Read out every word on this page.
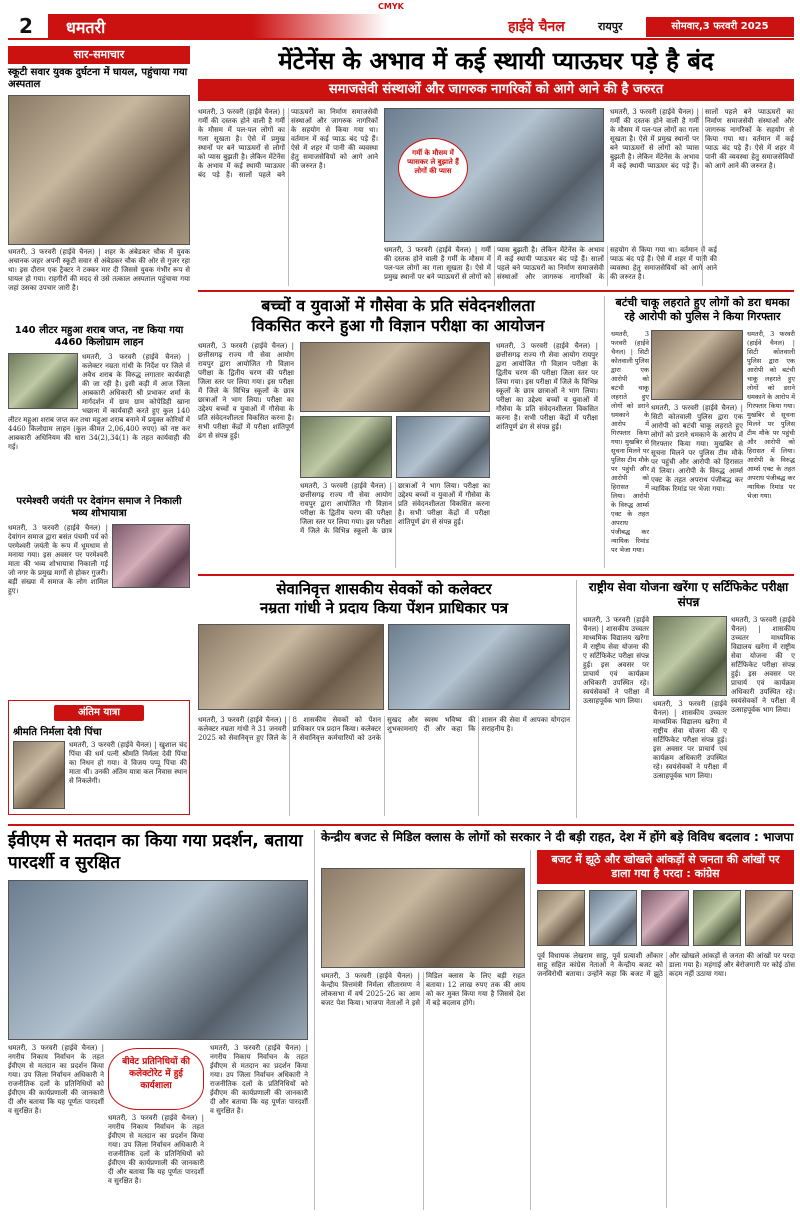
CMYK
2	धमतरी	हाईवे चैनल	रायपुर	सोमवार,3 फरवरी 2025
सार-समाचार
स्कूटी सवार युवक दुर्घटना में घायल, पहुंचाया गया अस्पताल
धमतरी, 3 फरवरी (हाईवे चैनल) | शहर के अंबेडकर चौक में युवक अचानक जहर अपनी स्कूटी सवार से अंबेडकर चौक की ओर से गुजर रहा था। इस दौरान एक ट्रैक्टर ने टक्कर मार दी जिससे युवक गंभीर रूप से घायल हो गया। राहगीरों की मदद से उसे तत्काल अस्पताल पहुंचाया गया जहां उसका उपचार जारी है।
140 लीटर महुआ शराब जप्त, नष्ट किया गया 4460 किलोग्राम लाहन
धमतरी, 3 फरवरी (हाईवे चैनल) | कलेक्टर नम्रता गांधी के निर्देश पर जिले में अवैध शराब के विरुद्ध लगातार कार्यवाही की जा रही है। इसी कड़ी में आज जिला आबकारी अधिकारी श्री प्रभाकर शर्मा के मार्गदर्शन में ग्राम ग्राम कोपेडिही खाना भछाना में कार्यवाही करते हुए कुल 140 लीटर महुआ शराब जप्त कर तथा महुआ शराब बनाने में प्रयुक्त कोरियों में 4460 किलोग्राम लाहन (कुल कीमत 2,06,400 रुपए) को नष्ट कर आबकारी अधिनियम की धारा 34(2),34(1) के तहत कार्यवाही की गई।
परमेश्वरी जयंती पर देवांगन समाज ने निकाली भव्य शोभायात्रा
धमतरी, 3 फरवरी (हाईवे चैनल) | देवांगन समाज द्वारा बसंत पंचमी पर्व को परमेश्वरी जयंती के रूप में धूमधाम से मनाया गया। इस अवसर पर परमेश्वरी माता की भव्य शोभायात्रा निकाली गई जो नगर के प्रमुख मार्गों से होकर गुजरी। बड़ी संख्या में समाज के लोग शामिल हुए।
अंतिम यात्रा
श्रीमति निर्मला देवी पिंचा
धमतरी, 3 फरवरी (हाईवे चैनल) | खुशाल चंद पिंचा की धर्म पत्नी श्रीमति निर्मला देवी पिंचा का निधन हो गया। वे विजय पप्पू पिंचा की माता थीं। उनकी अंतिम यात्रा कल निवास स्थान से निकलेगी।
मेंटेनेंस के अभाव में कई स्थायी प्याऊघर पड़े है बंद
समाजसेवी संस्थाओं और जागरुक नागरिकों को आगे आने की है जरुरत
धमतरी, 3 फरवरी (हाईवे चैनल) | गर्मी की दस्तक होने वाली है गर्मी के मौसम में पल-पल लोगों का गला सूखता है। ऐसे में प्रमुख स्थानों पर बने प्याऊघरों से लोगों को प्यास बुझती है। लेकिन मेंटेनेंस के अभाव में कई स्थायी प्याऊघर बंद पड़े हैं। सालों पहले बने प्याऊघरों का निर्माण समाजसेवी संस्थाओं और जागरुक नागरिकों के सहयोग से किया गया था। वर्तमान में कई प्याऊ बंद पड़े हैं। ऐसे में शहर में पानी की व्यवस्था हेतु समाजसेवियों को आगे आने की जरुरत है।
गर्मी के मौसम में प्यासकर ले बुझाते हैं लोगों की प्यास
धमतरी, 3 फरवरी (हाईवे चैनल) | गर्मी की दस्तक होने वाली है गर्मी के मौसम में पल-पल लोगों का गला सूखता है। ऐसे में प्रमुख स्थानों पर बने प्याऊघरों से लोगों को प्यास बुझती है। लेकिन मेंटेनेंस के अभाव में कई स्थायी प्याऊघर बंद पड़े हैं। सालों पहले बने प्याऊघरों का निर्माण समाजसेवी संस्थाओं और जागरुक नागरिकों के सहयोग से किया गया था। वर्तमान में कई प्याऊ बंद पड़े हैं। ऐसे में शहर में पानी की व्यवस्था हेतु समाजसेवियों को आगे आने की जरुरत है।
धमतरी, 3 फरवरी (हाईवे चैनल) | गर्मी की दस्तक होने वाली है गर्मी के मौसम में पल-पल लोगों का गला सूखता है। ऐसे में प्रमुख स्थानों पर बने प्याऊघरों से लोगों को प्यास बुझती है। लेकिन मेंटेनेंस के अभाव में कई स्थायी प्याऊघर बंद पड़े हैं। सालों पहले बने प्याऊघरों का निर्माण समाजसेवी संस्थाओं और जागरुक नागरिकों के सहयोग से किया गया था। वर्तमान में कई प्याऊ बंद पड़े हैं। ऐसे में शहर में पानी की व्यवस्था हेतु समाजसेवियों को आगे आने की जरुरत है।
बच्चों व युवाओं में गौसेवा के प्रति संवेदनशीलता
विकसित करने हुआ गौ विज्ञान परीक्षा का आयोजन
धमतरी, 3 फरवरी (हाईवे चैनल) | छत्तीसगढ़ राज्य गौ सेवा आयोग रायपुर द्वारा आयोजित गौ विज्ञान परीक्षा के द्वितीय चरण की परीक्षा जिला स्तर पर लिया गया। इस परीक्षा में जिले के विभिन्न स्कूलों के छात्र छात्राओं ने भाग लिया। परीक्षा का उद्देश्य बच्चों व युवाओं में गौसेवा के प्रति संवेदनशीलता विकसित करना है। सभी परीक्षा केंद्रों में परीक्षा शांतिपूर्ण ढंग से संपन्न हुई।
धमतरी, 3 फरवरी (हाईवे चैनल) | छत्तीसगढ़ राज्य गौ सेवा आयोग रायपुर द्वारा आयोजित गौ विज्ञान परीक्षा के द्वितीय चरण की परीक्षा जिला स्तर पर लिया गया। इस परीक्षा में जिले के विभिन्न स्कूलों के छात्र छात्राओं ने भाग लिया। परीक्षा का उद्देश्य बच्चों व युवाओं में गौसेवा के प्रति संवेदनशीलता विकसित करना है। सभी परीक्षा केंद्रों में परीक्षा शांतिपूर्ण ढंग से संपन्न हुई।
धमतरी, 3 फरवरी (हाईवे चैनल) | छत्तीसगढ़ राज्य गौ सेवा आयोग रायपुर द्वारा आयोजित गौ विज्ञान परीक्षा के द्वितीय चरण की परीक्षा जिला स्तर पर लिया गया। इस परीक्षा में जिले के विभिन्न स्कूलों के छात्र छात्राओं ने भाग लिया। परीक्षा का उद्देश्य बच्चों व युवाओं में गौसेवा के प्रति संवेदनशीलता विकसित करना है। सभी परीक्षा केंद्रों में परीक्षा शांतिपूर्ण ढंग से संपन्न हुई।
बटंची चाकू लहराते हुए लोगों को डरा धमका
रहे आरोपी को पुलिस ने किया गिरफ्तार
धमतरी, 3 फरवरी (हाईवे चैनल) | सिटी कोतवाली पुलिस द्वारा एक आरोपी को बटंची चाकू लहराते हुए लोगों को डराने धमकाने के आरोप में गिरफ्तार किया गया। मुखबिर से सूचना मिलने पर पुलिस टीम मौके पर पहुंची और आरोपी को हिरासत में लिया। आरोपी के विरुद्ध आर्म्स एक्ट के तहत अपराध पंजीबद्ध कर न्यायिक रिमांड पर भेजा गया।
धमतरी, 3 फरवरी (हाईवे चैनल) | सिटी कोतवाली पुलिस द्वारा एक आरोपी को बटंची चाकू लहराते हुए लोगों को डराने धमकाने के आरोप में गिरफ्तार किया गया। मुखबिर से सूचना मिलने पर पुलिस टीम मौके पर पहुंची और आरोपी को हिरासत में लिया। आरोपी के विरुद्ध आर्म्स एक्ट के तहत अपराध पंजीबद्ध कर न्यायिक रिमांड पर भेजा गया।
धमतरी, 3 फरवरी (हाईवे चैनल) | सिटी कोतवाली पुलिस द्वारा एक आरोपी को बटंची चाकू लहराते हुए लोगों को डराने धमकाने के आरोप में गिरफ्तार किया गया। मुखबिर से सूचना मिलने पर पुलिस टीम मौके पर पहुंची और आरोपी को हिरासत में लिया। आरोपी के विरुद्ध आर्म्स एक्ट के तहत अपराध पंजीबद्ध कर न्यायिक रिमांड पर भेजा गया।
सेवानिवृत्त शासकीय सेवकों को कलेक्टर
नम्रता गांधी ने प्रदाय किया पेंशन प्राधिकार पत्र
धमतरी, 3 फरवरी (हाईवे चैनल) | कलेक्टर नम्रता गांधी ने 31 जनवरी 2025 को सेवानिवृत्त हुए जिले के 8 शासकीय सेवकों को पेंशन प्राधिकार पत्र प्रदान किया। कलेक्टर ने सेवानिवृत्त कर्मचारियों को उनके सुखद और स्वस्थ भविष्य की शुभकामनाएं दीं और कहा कि शासन की सेवा में आपका योगदान सराहनीय है।
राष्ट्रीय सेवा योजना खरेंगा ए सर्टिफिकेट परीक्षा संपन्न
धमतरी, 3 फरवरी (हाईवे चैनल) | शासकीय उच्चतर माध्यमिक विद्यालय खरेंगा में राष्ट्रीय सेवा योजना की ए सर्टिफिकेट परीक्षा संपन्न हुई। इस अवसर पर प्राचार्य एवं कार्यक्रम अधिकारी उपस्थित रहे। स्वयंसेवकों ने परीक्षा में उत्साहपूर्वक भाग लिया।	धमतरी, 3 फरवरी (हाईवे चैनल) | शासकीय उच्चतर माध्यमिक विद्यालय खरेंगा में राष्ट्रीय सेवा योजना की ए सर्टिफिकेट परीक्षा संपन्न हुई। इस अवसर पर प्राचार्य एवं कार्यक्रम अधिकारी उपस्थित रहे। स्वयंसेवकों ने परीक्षा में उत्साहपूर्वक भाग लिया।
धमतरी, 3 फरवरी (हाईवे चैनल) | शासकीय उच्चतर माध्यमिक विद्यालय खरेंगा में राष्ट्रीय सेवा योजना की ए सर्टिफिकेट परीक्षा संपन्न हुई। इस अवसर पर प्राचार्य एवं कार्यक्रम अधिकारी उपस्थित रहे। स्वयंसेवकों ने परीक्षा में उत्साहपूर्वक भाग लिया।
ईवीएम से मतदान का किया गया प्रदर्शन, बताया पारदर्शी व सुरक्षित
धमतरी, 3 फरवरी (हाईवे चैनल) | नगरीय निकाय निर्वाचन के तहत ईवीएम से मतदान का प्रदर्शन किया गया। उप जिला निर्वाचन अधिकारी ने राजनीतिक दलों के प्रतिनिधियों को ईवीएम की कार्यप्रणाली की जानकारी दी और बताया कि यह पूर्णतः पारदर्शी व सुरक्षित है।
बीवेट प्रतिनिधियों की कलेक्टोरेट में हुई कार्यशाला
धमतरी, 3 फरवरी (हाईवे चैनल) | नगरीय निकाय निर्वाचन के तहत ईवीएम से मतदान का प्रदर्शन किया गया। उप जिला निर्वाचन अधिकारी ने राजनीतिक दलों के प्रतिनिधियों को ईवीएम की कार्यप्रणाली की जानकारी दी और बताया कि यह पूर्णतः पारदर्शी व सुरक्षित है।
धमतरी, 3 फरवरी (हाईवे चैनल) | नगरीय निकाय निर्वाचन के तहत ईवीएम से मतदान का प्रदर्शन किया गया। उप जिला निर्वाचन अधिकारी ने राजनीतिक दलों के प्रतिनिधियों को ईवीएम की कार्यप्रणाली की जानकारी दी और बताया कि यह पूर्णतः पारदर्शी व सुरक्षित है।
केन्द्रीय बजट से मिडिल क्लास के लोगों को सरकार ने दी बड़ी राहत, देश में होंगे बड़े विविध बदलाव : भाजपा
धमतरी, 3 फरवरी (हाईवे चैनल) | केन्द्रीय वित्तमंत्री निर्मला सीतारमण ने लोकसभा में वर्ष 2025-26 का आम बजट पेश किया। भाजपा नेताओं ने इसे मिडिल क्लास के लिए बड़ी राहत बताया। 12 लाख रुपए तक की आय को कर मुक्त किया गया है जिससे देश में बड़े बदलाव होंगे।
बजट में झूठे और खोखले आंकड़ों से जनता की आंखों पर डाला गया है परदा : कांग्रेस
पूर्व विधायक लेखराम साहू, पूर्व प्रत्याशी ओंकार साहू सहित कांग्रेस नेताओं ने केन्द्रीय बजट को जनविरोधी बताया। उन्होंने कहा कि बजट में झूठे और खोखले आंकड़ों से जनता की आंखों पर परदा डाला गया है। महंगाई और बेरोजगारी पर कोई ठोस कदम नहीं उठाया गया।
